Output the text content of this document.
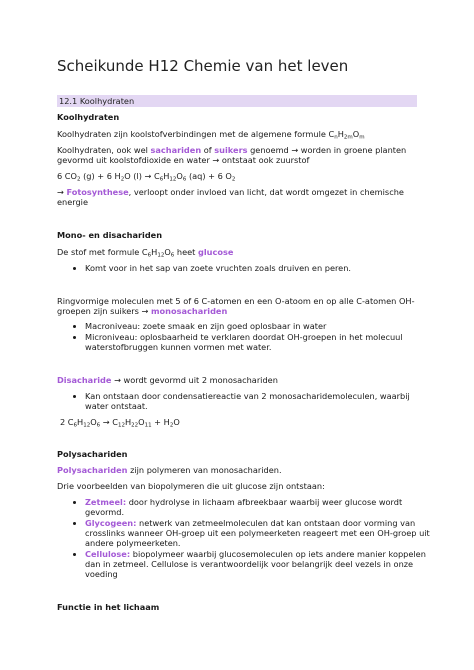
Scheikunde H12 Chemie van het leven
12.1 Koolhydraten
Koolhydraten
Koolhydraten zijn koolstofverbindingen met de algemene formule $C_nH_{2m}O_m$
Koolhydraten, ook wel sachariden of suikers genoemd → worden in groene planten
gevormd uit koolstofdioxide en water → ontstaat ook zuurstof
6 $CO_2$ (g) + 6 $H_2O$ $(l) \to C_6H_{12}O_6$ (aq) + 6 $O_2$
→ Fotosynthese, verloopt onder invloed van licht, dat wordt omgezet in chemische
energie
Mono- en disachariden
De stof met formule $C_6H_{12}O_6$ heet glucose
Komt voor in het sap van zoete vruchten zoals druiven en peren.
Ringvormige moleculen met 5 of 6 C-atomen en een O-atoom en op alle C-atomen OH-
groepen zijn suikers → monosachariden
Macroniveau: zoete smaak en zijn goed oplosbaar in water
Microniveau: oplosbaarheid te verklaren doordat OH-groepen in het molecuul
waterstofbruggen kunnen vormen met water.
Disacharide → wordt gevormd uit 2 monosachariden
Kan ontstaan door condensatiereactie van 2 monosacharidemoleculen, waarbij
water ontstaat.
2 $C_6H_{12}O_6 \to C_{12}H_{22}O_{11} + H_2O$
Polysachariden
Polysachariden zijn polymeren van monosachariden.
Drie voorbeelden van biopolymeren die uit glucose zijn ontstaan:
Zetmeel: door hydrolyse in lichaam afbreekbaar waarbij weer glucose wordt
gevormd.
Glycogeen: netwerk van zetmeelmoleculen dat kan ontstaan door vorming van
crosslinks wanneer OH-groep uit een polymeerketen reageert met een OH-groep uit
andere polymeerketen.
Cellulose: biopolymeer waarbij glucosemoleculen op iets andere manier koppelen
dan in zetmeel. Cellulose is verantwoordelijk voor belangrijk deel vezels in onze
voeding
Functie in het lichaam
